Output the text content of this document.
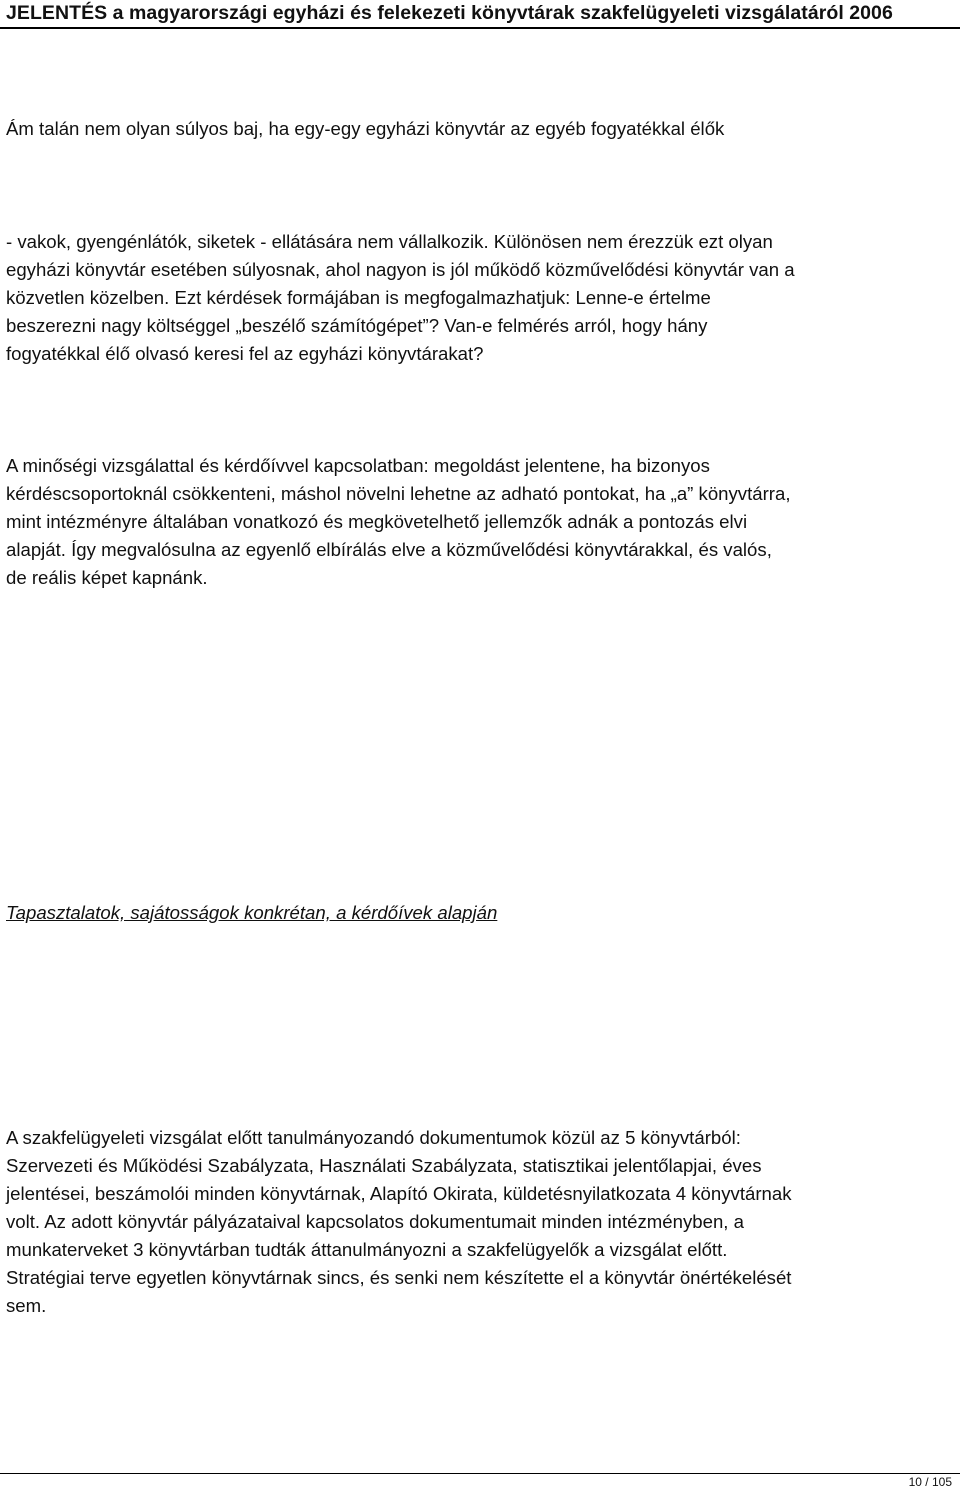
JELENTÉS a magyarországi egyházi és felekezeti könyvtárak szakfelügyeleti vizsgálatáról 2006

Ám talán nem olyan súlyos baj, ha egy-egy egyházi könyvtár az egyéb fogyatékkal élők

- vakok, gyengénlátók, siketek - ellátására nem vállalkozik. Különösen nem érezzük ezt olyan
egyházi könyvtár esetében súlyosnak, ahol nagyon is jól működő közművelődési könyvtár van a
közvetlen közelben. Ezt kérdések formájában is megfogalmazhatjuk: Lenne-e értelme
beszerezni nagy költséggel „beszélő számítógépet”? Van-e felmérés arról, hogy hány
fogyatékkal élő olvasó keresi fel az egyházi könyvtárakat?

A minőségi vizsgálattal és kérdőívvel kapcsolatban: megoldást jelentene, ha bizonyos
kérdéscsoportoknál csökkenteni, máshol növelni lehetne az adható pontokat, ha „a” könyvtárra,
mint intézményre általában vonatkozó és megkövetelhető jellemzők adnák a pontozás elvi
alapját. Így megvalósulna az egyenlő elbírálás elve a közművelődési könyvtárakkal, és valós,
de reális képet kapnánk.

Tapasztalatok, sajátosságok konkrétan, a kérdőívek alapján

A szakfelügyeleti vizsgálat előtt tanulmányozandó dokumentumok közül az 5 könyvtárból:
Szervezeti és Működési Szabályzata, Használati Szabályzata, statisztikai jelentőlapjai, éves
jelentései, beszámolói minden könyvtárnak, Alapító Okirata, küldetésnyilatkozata 4 könyvtárnak
volt. Az adott könyvtár pályázataival kapcsolatos dokumentumait minden intézményben, a
munkaterveket 3 könyvtárban tudták áttanulmányozni a szakfelügyelők a vizsgálat előtt.
Stratégiai terve egyetlen könyvtárnak sincs, és senki nem készítette el a könyvtár önértékelését
sem.

10 / 105
